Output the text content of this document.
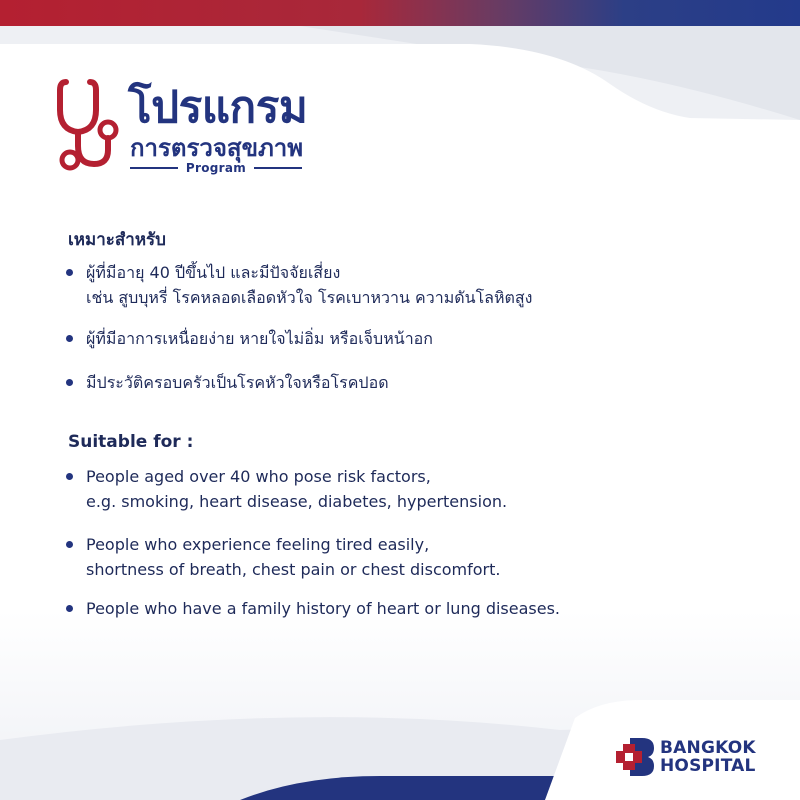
โปรแกรม
การตรวจสุขภาพ
Program
เหมาะสำหรับ
ผู้ที่มีอายุ 40 ปีขึ้นไป และมีปัจจัยเสี่ยง
เช่น สูบบุหรี่ โรคหลอดเลือดหัวใจ โรคเบาหวาน ความดันโลหิตสูง
ผู้ที่มีอาการเหนื่อยง่าย หายใจไม่อิ่ม หรือเจ็บหน้าอก
มีประวัติครอบครัวเป็นโรคหัวใจหรือโรคปอด
Suitable for :
People aged over 40 who pose risk factors,
e.g. smoking, heart disease, diabetes, hypertension.
People who experience feeling tired easily,
shortness of breath, chest pain or chest discomfort.
People who have a family history of heart or lung diseases.
BANGKOK
HOSPITAL
